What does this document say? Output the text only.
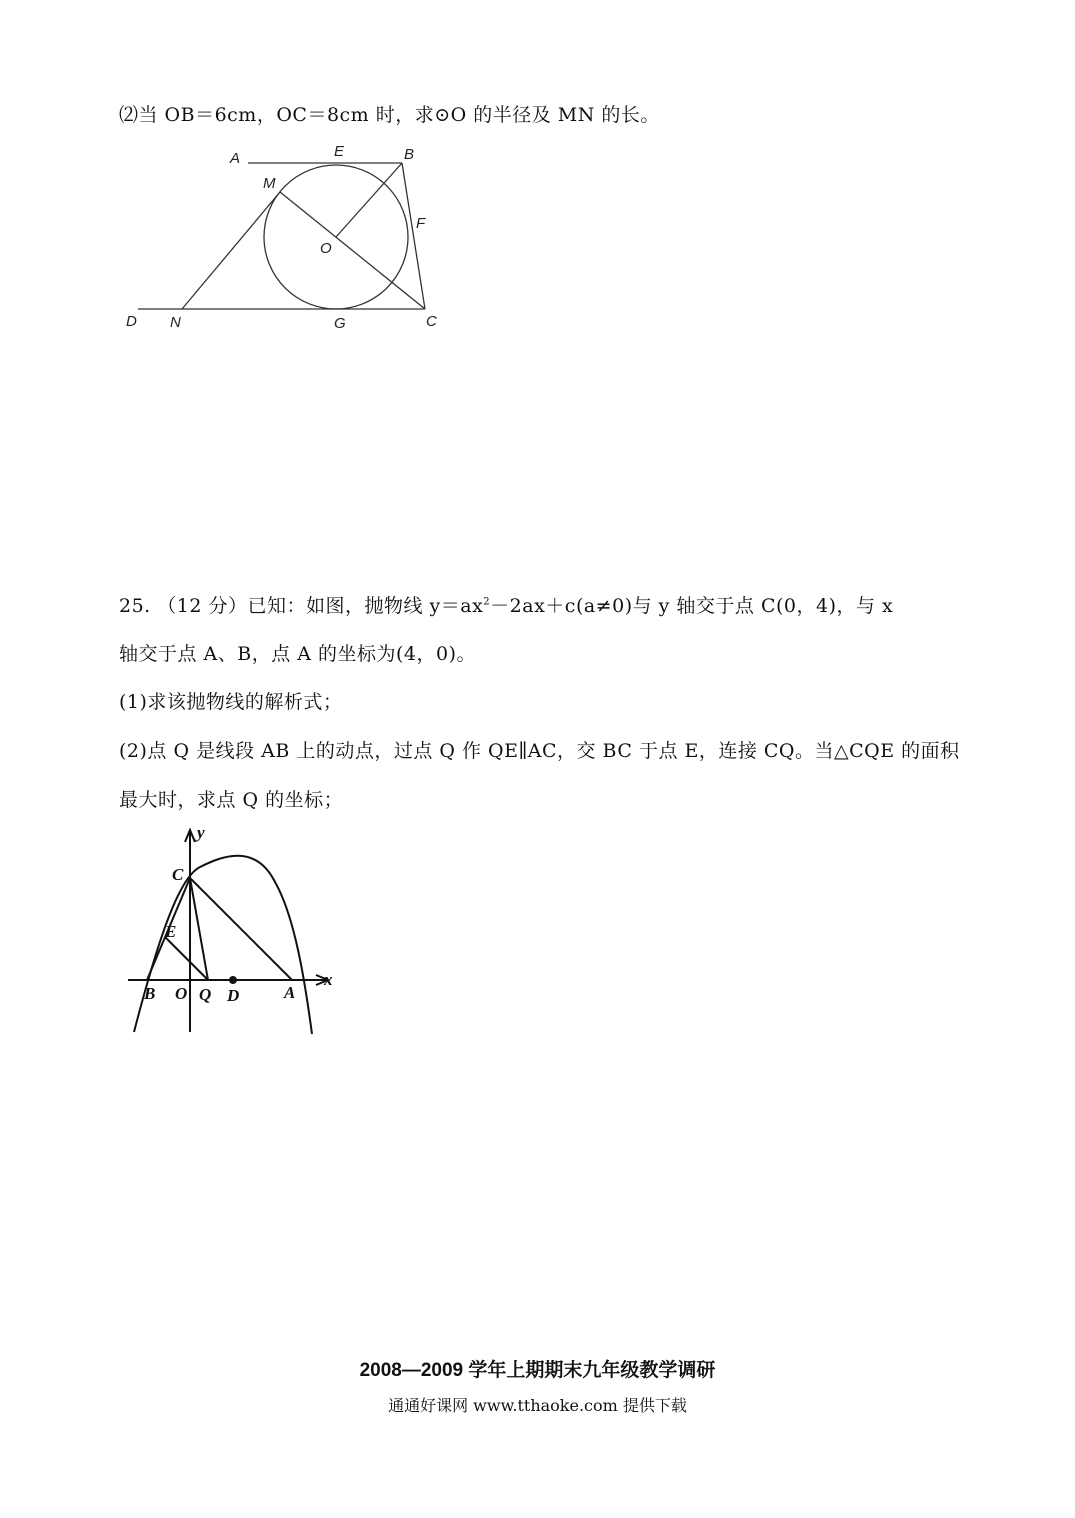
⑵当 OB＝6cm，OC＝8cm 时，求⊙O 的半径及 MN 的长。
A	E	B
M
F
O
D N	G	C
25. （12 分）已知：如图，抛物线 $y=ax^2-2ax+c(a\ne 0)$与 y 轴交于点 C(0，4)，与 x
轴交于点 A、B，点 A 的坐标为(4，0)。
(1)求该抛物线的解析式；
(2)点 Q 是线段 AB 上的动点，过点 Q 作 QE∥AC，交 BC 于点 E，连接 CQ。当△CQE 的面积
最大时，求点 Q 的坐标；
y
x
C
E
B O Q D	A
2008—2009 学年上期期末九年级教学调研
通通好课网 www.tthaoke.com 提供下载
